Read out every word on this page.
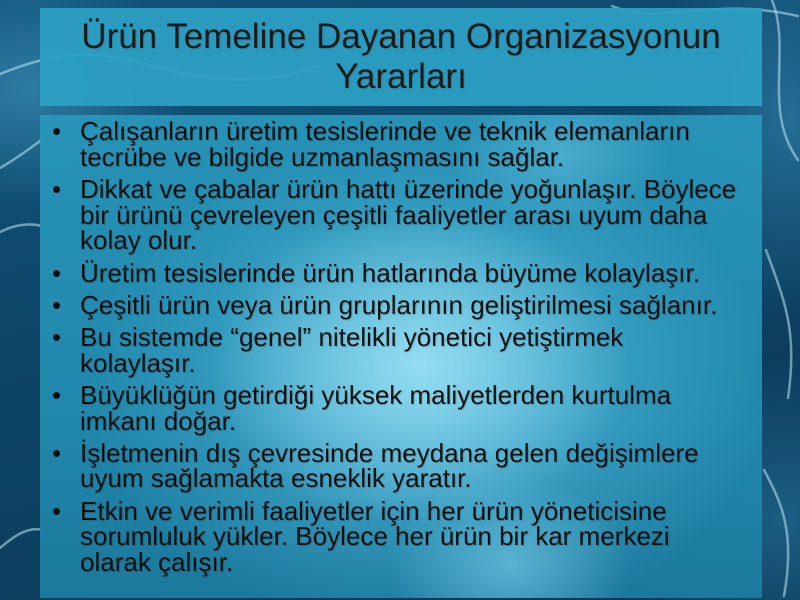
Ürün Temeline Dayanan Organizasyonun
Yararları
• Çalışanların üretim tesislerinde ve teknik elemanların
tecrübe ve bilgide uzmanlaşmasını sağlar.
• Dikkat ve çabalar ürün hattı üzerinde yoğunlaşır. Böylece
bir ürünü çevreleyen çeşitli faaliyetler arası uyum daha
kolay olur.
• Üretim tesislerinde ürün hatlarında büyüme kolaylaşır.
• Çeşitli ürün veya ürün gruplarının geliştirilmesi sağlanır.
• Bu sistemde “genel” nitelikli yönetici yetiştirmek
kolaylaşır.
• Büyüklüğün getirdiği yüksek maliyetlerden kurtulma
imkanı doğar.
• İşletmenin dış çevresinde meydana gelen değişimlere
uyum sağlamakta esneklik yaratır.
• Etkin ve verimli faaliyetler için her ürün yöneticisine
sorumluluk yükler. Böylece her ürün bir kar merkezi
olarak çalışır.
